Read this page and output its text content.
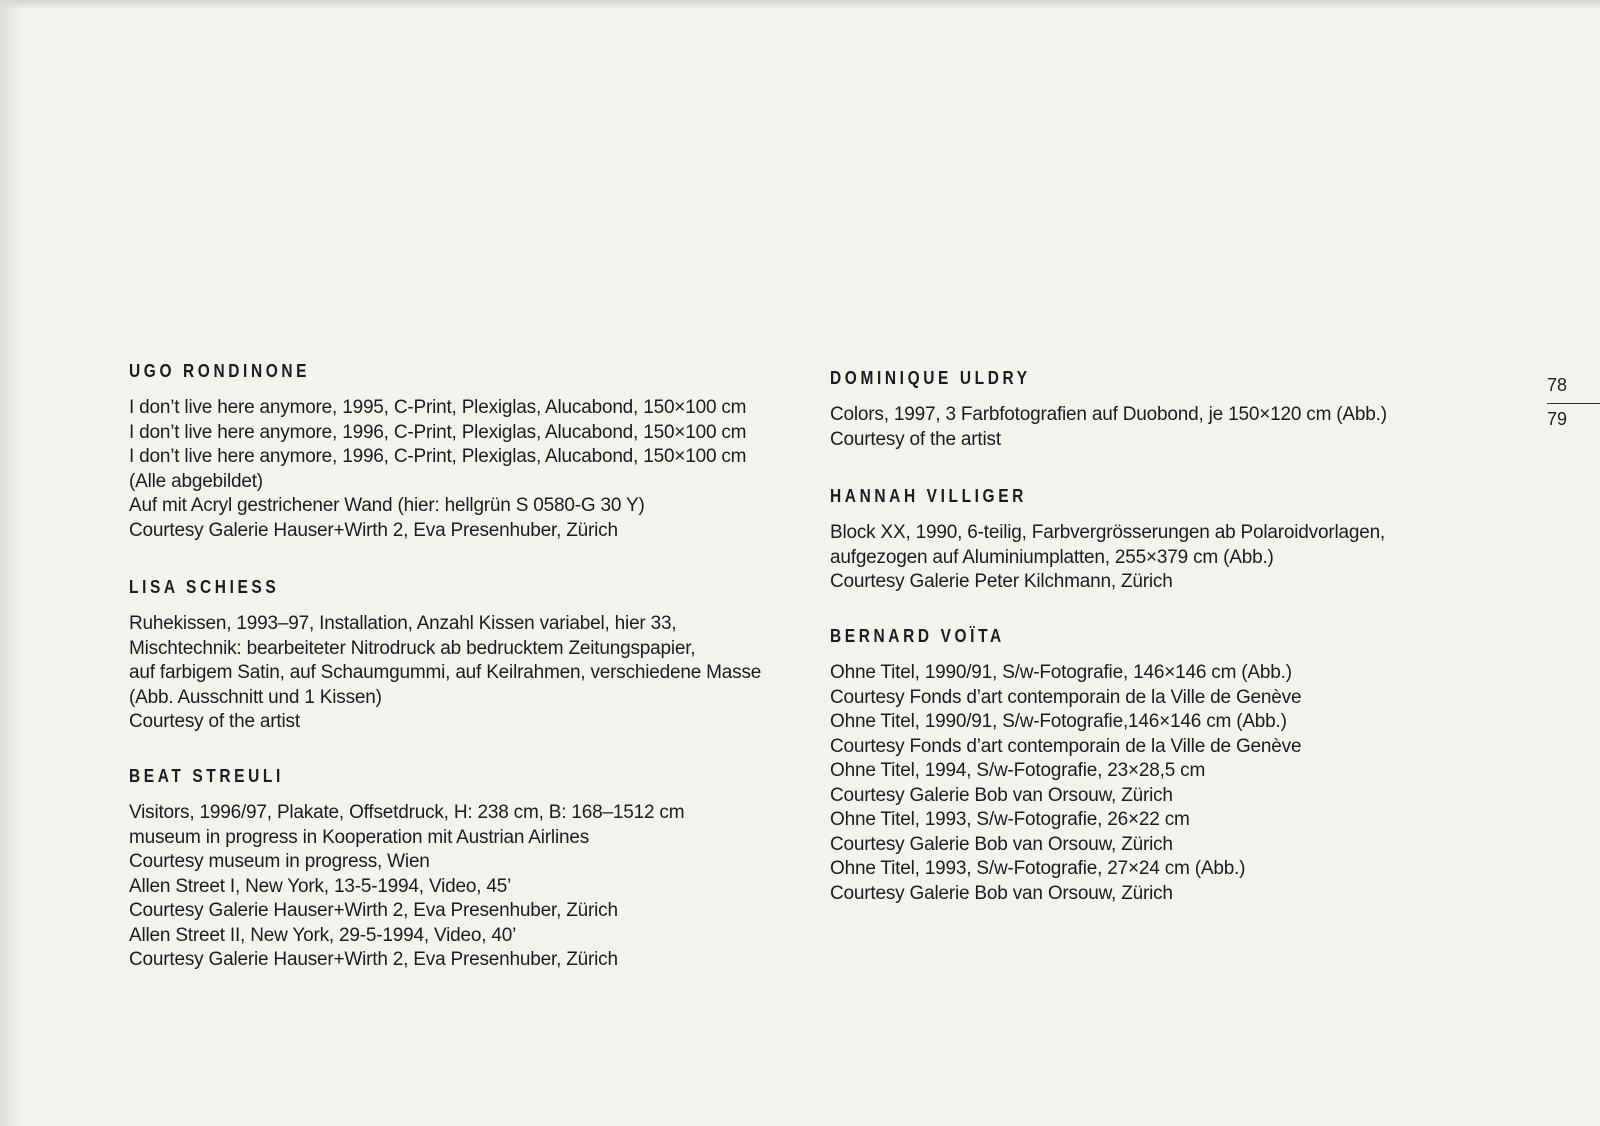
UGO RONDINONE
I don’t live here anymore, 1995, C-Print, Plexiglas, Alucabond, 150×100 cm
I don’t live here anymore, 1996, C-Print, Plexiglas, Alucabond, 150×100 cm
I don’t live here anymore, 1996, C-Print, Plexiglas, Alucabond, 150×100 cm
(Alle abgebildet)
Auf mit Acryl gestrichener Wand (hier: hellgrün S 0580-G 30 Y)
Courtesy Galerie Hauser+Wirth 2, Eva Presenhuber, Zürich
LISA SCHIESS
Ruhekissen, 1993–97, Installation, Anzahl Kissen variabel, hier 33,
Mischtechnik: bearbeiteter Nitrodruck ab bedrucktem Zeitungspapier,
auf farbigem Satin, auf Schaumgummi, auf Keilrahmen, verschiedene Masse
(Abb. Ausschnitt und 1 Kissen)
Courtesy of the artist
BEAT STREULI
Visitors, 1996/97, Plakate, Offsetdruck, H: 238 cm, B: 168–1512 cm
museum in progress in Kooperation mit Austrian Airlines
Courtesy museum in progress, Wien
Allen Street I, New York, 13-5-1994, Video, 45’
Courtesy Galerie Hauser+Wirth 2, Eva Presenhuber, Zürich
Allen Street II, New York, 29-5-1994, Video, 40’
Courtesy Galerie Hauser+Wirth 2, Eva Presenhuber, Zürich
DOMINIQUE ULDRY
Colors, 1997, 3 Farbfotografien auf Duobond, je 150×120 cm (Abb.)
Courtesy of the artist
HANNAH VILLIGER
Block XX, 1990, 6-teilig, Farbvergrösserungen ab Polaroidvorlagen,
aufgezogen auf Aluminiumplatten, 255×379 cm (Abb.)
Courtesy Galerie Peter Kilchmann, Zürich
BERNARD VOÏTA
Ohne Titel, 1990/91, S/w-Fotografie, 146×146 cm (Abb.)
Courtesy Fonds d’art contemporain de la Ville de Genève
Ohne Titel, 1990/91, S/w-Fotografie,146×146 cm (Abb.)
Courtesy Fonds d’art contemporain de la Ville de Genève
Ohne Titel, 1994, S/w-Fotografie, 23×28,5 cm
Courtesy Galerie Bob van Orsouw, Zürich
Ohne Titel, 1993, S/w-Fotografie, 26×22 cm
Courtesy Galerie Bob van Orsouw, Zürich
Ohne Titel, 1993, S/w-Fotografie, 27×24 cm (Abb.)
Courtesy Galerie Bob van Orsouw, Zürich
78
79
